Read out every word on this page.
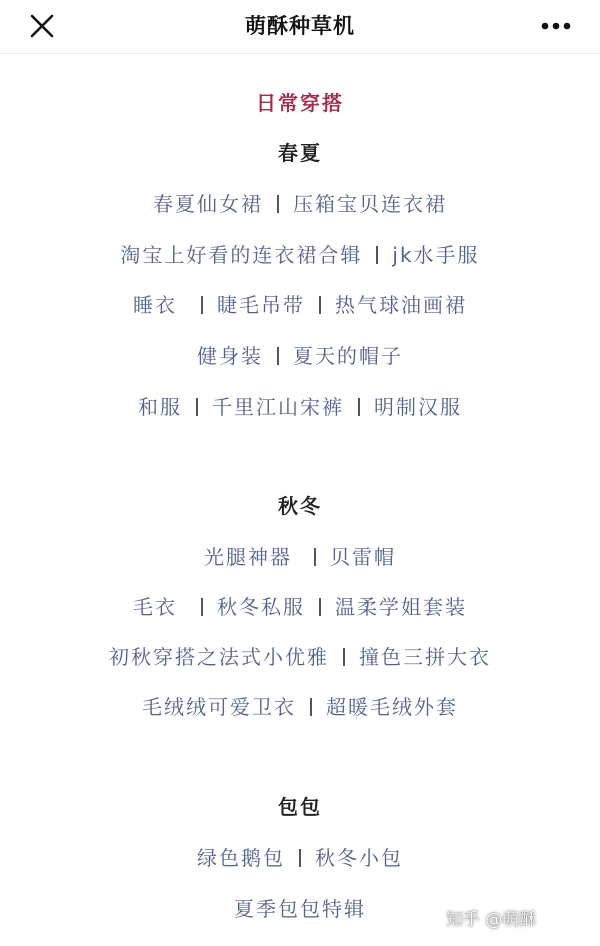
萌酥种草机
日常穿搭
春夏
春夏仙女裙 压箱宝贝连衣裙
淘宝上好看的连衣裙合辑 jk水手服
睡衣 睫毛吊带 热气球油画裙
健身装 夏天的帽子
和服 千里江山宋裤 明制汉服
秋冬
光腿神器 贝雷帽
毛衣 秋冬私服 温柔学姐套装
初秋穿搭之法式小优雅 撞色三拼大衣
毛绒绒可爱卫衣 超暖毛绒外套
包包
绿色鹅包 秋冬小包
夏季包包特辑	知乎 @萌酥
